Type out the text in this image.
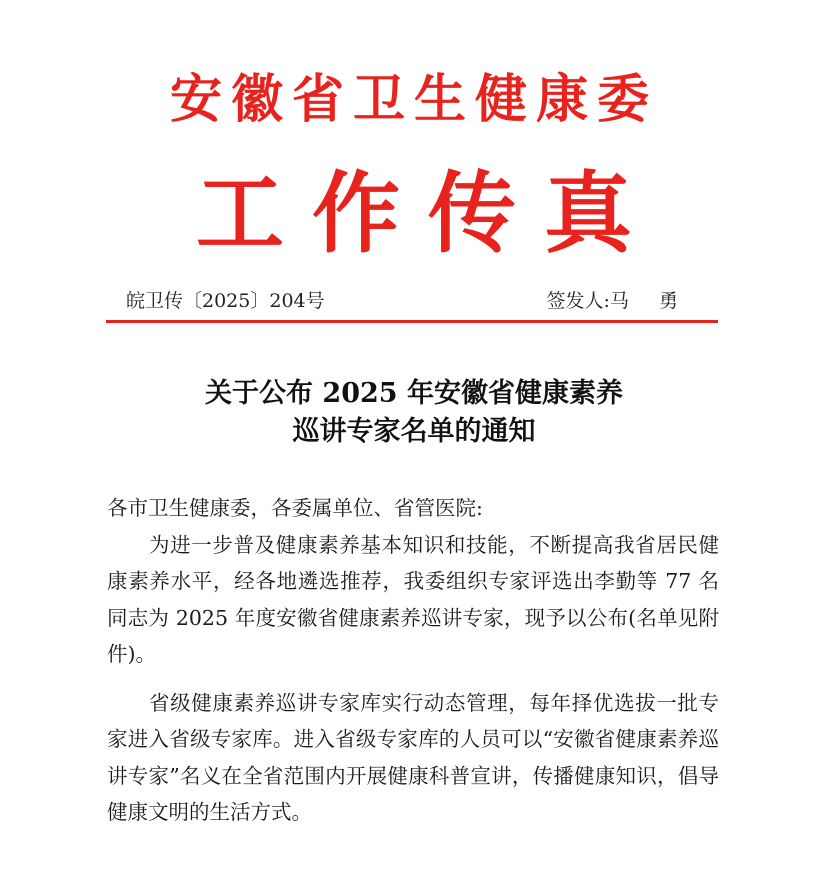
安徽省卫生健康委
工作传真
皖卫传〔2025〕204号	签发人:马 勇
关于公布 2025 年安徽省健康素养
巡讲专家名单的通知
各市卫生健康委，各委属单位、省管医院:

为进一步普及健康素养基本知识和技能，不断提高我省居民健康素养水平，经各地遴选推荐，我委组织专家评选出李勤等 77 名同志为 2025 年度安徽省健康素养巡讲专家，现予以公布(名单见附件)。

省级健康素养巡讲专家库实行动态管理，每年择优选拔一批专家进入省级专家库。进入省级专家库的人员可以“安徽省健康素养巡讲专家”名义在全省范围内开展健康科普宣讲，传播健康知识，倡导健康文明的生活方式。
